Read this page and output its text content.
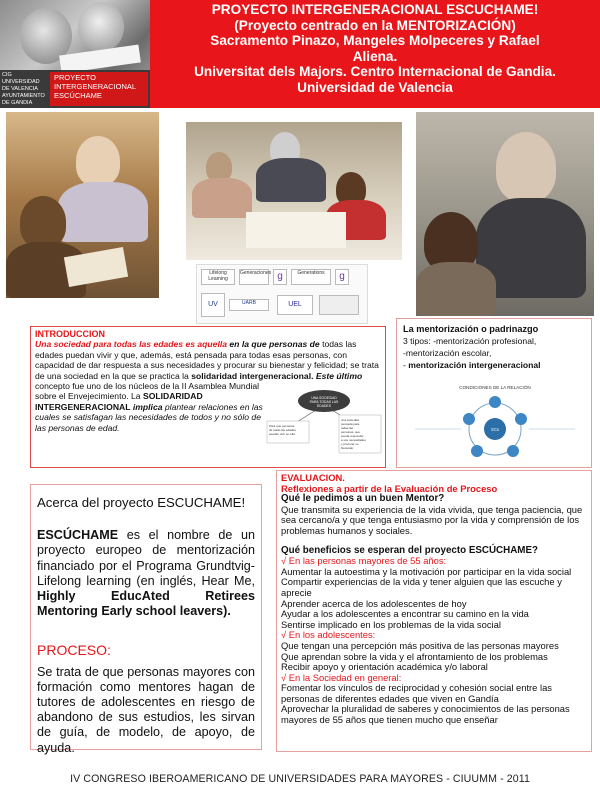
CIG UNIVERSIDAD
DE VALENCIA
AYUNTAMIENTO
DE GANDIA
PROYECTO
INTERGENERACIONAL
ESCÚCHAME
PROYECTO INTERGENERACIONAL ESCUCHAME!
(Proyecto centrado en la MENTORIZACIÓN)
Sacramento Pinazo, Mangeles Molpeceres y Rafael
Aliena.
Universitat dels Majors. Centro Internacional de Gandia.
Universidad de Valencia
Lifelong Learning
Generaciones g	Generations	g
UV	UARB	UEL
INTRODUCCION
Una sociedad para todas las edades es aquella en la que personas de todas las edades puedan vivir y que, además, está pensada para todas esas personas, con capacidad de dar respuesta a sus necesidades y procurar su bienestar y felicidad; se trata de una sociedad en la que se practica la solidaridad intergeneracional. Este último
concepto fue uno de los núcleos de la II Asamblea Mundial sobre el Envejecimiento. La SOLIDARIDAD INTERGENERACIONAL implica plantear relaciones en las cuales se satisfagan las necesidades de todos y no sólo de las personas de edad.
UNA SOCIEDAD
PARA TODAS LAS
EDADES
Para que personas
de todas las edades
puedan vivir en ella
una sociedad
pensada para
todas las
personas, que
pueda responder
a sus necesidades
y procurar su
bienestar
La mentorización o padrinazgo
3 tipos: -mentorización profesional,
-mentorización escolar,
- mentorización intergeneracional
CONDICIONES DE LA RELACIÓN
SCs
Acerca del proyecto ESCUCHAME!
ESCÚCHAME es el nombre de un proyecto europeo de mentorización financiado por el Programa Grundtvig-Lifelong learning (en inglés, Hear Me, Highly EducAted Retirees Mentoring Early school leavers).
PROCESO:
Se trata de que personas mayores con formación como mentores hagan de tutores de adolescentes en riesgo de abandono de sus estudios, les sirvan de guía, de modelo, de apoyo, de ayuda.
EVALUACION.
Reflexiones a partir de la Evaluación de Proceso
Qué le pedimos a un buen Mentor?
Que transmita su experiencia de la vida vivida, que tenga paciencia, que sea cercano/a y que tenga entusiasmo por la vida y comprensión de los problemas humanos y sociales.
Qué beneficios se esperan del proyecto ESCÚCHAME?
√ En las personas mayores de 55 años:
Aumentar la autoestima y la motivación por participar en la vida social
Compartir experiencias de la vida y tener alguien que las escuche y aprecie
Aprender acerca de los adolescentes de hoy
Ayudar a los adolescentes a encontrar su camino en la vida
Sentirse implicado en los problemas de la vida social
√ En los adolescentes:
Que tengan una percepción más positiva de las personas mayores
Que aprendan sobre la vida y el afrontamiento de los problemas
Recibir apoyo y orientación académica y/o laboral
√ En la Sociedad en general:
Fomentar los vínculos de reciprocidad y cohesión social entre las personas de diferentes edades que viven en Gandía
Aprovechar la pluralidad de saberes y conocimientos de las personas mayores de 55 años que tienen mucho que enseñar
IV CONGRESO IBEROAMERICANO DE UNIVERSIDADES PARA MAYORES - CIUUMM - 2011
